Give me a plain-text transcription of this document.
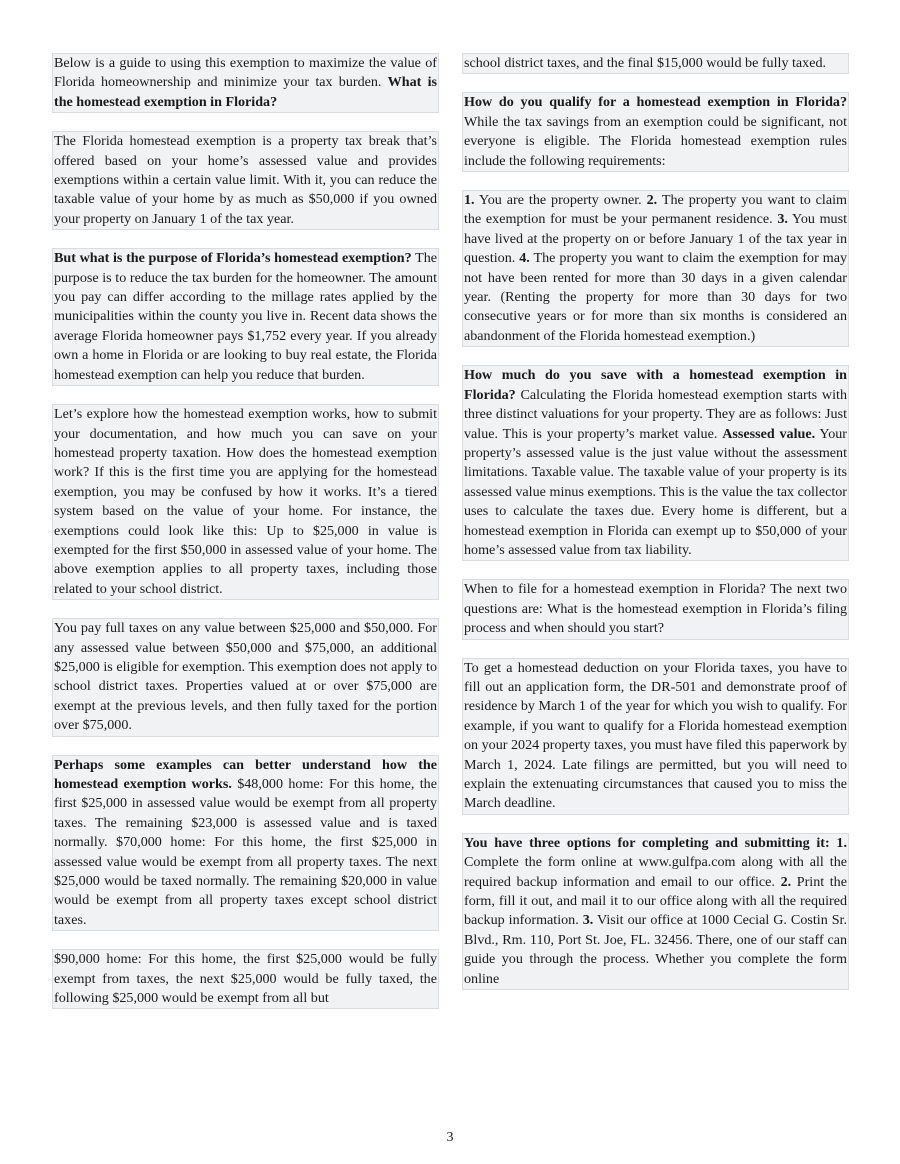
Below is a guide to using this exemption to maximize the value of Florida homeownership and minimize your tax burden. What is the homestead exemption in Florida?
The Florida homestead exemption is a property tax break that’s offered based on your home’s assessed value and provides exemptions within a certain value limit. With it, you can reduce the taxable value of your home by as much as $50,000 if you owned your property on January 1 of the tax year.
But what is the purpose of Florida’s homestead exemption? The purpose is to reduce the tax burden for the homeowner. The amount you pay can differ according to the millage rates applied by the municipalities within the county you live in. Recent data shows the average Florida homeowner pays $1,752 every year. If you already own a home in Florida or are looking to buy real estate, the Florida homestead exemption can help you reduce that burden.
Let’s explore how the homestead exemption works, how to submit your documentation, and how much you can save on your homestead property taxation. How does the homestead exemption work? If this is the first time you are applying for the homestead exemption, you may be confused by how it works. It’s a tiered system based on the value of your home. For instance, the exemptions could look like this: Up to $25,000 in value is exempted for the first $50,000 in assessed value of your home. The above exemption applies to all property taxes, including those related to your school district.
You pay full taxes on any value between $25,000 and $50,000. For any assessed value between $50,000 and $75,000, an additional $25,000 is eligible for exemption. This exemption does not apply to school district taxes. Properties valued at or over $75,000 are exempt at the previous levels, and then fully taxed for the portion over $75,000.
Perhaps some examples can better understand how the homestead exemption works. $48,000 home: For this home, the first $25,000 in assessed value would be exempt from all property taxes. The remaining $23,000 is assessed value and is taxed normally. $70,000 home: For this home, the first $25,000 in assessed value would be exempt from all property taxes. The next $25,000 would be taxed normally. The remaining $20,000 in value would be exempt from all property taxes except school district taxes.
$90,000 home: For this home, the first $25,000 would be fully exempt from taxes, the next $25,000 would be fully taxed, the following $25,000 would be exempt from all but
school district taxes, and the final $15,000 would be fully taxed.
How do you qualify for a homestead exemption in Florida? While the tax savings from an exemption could be significant, not everyone is eligible. The Florida homestead exemption rules include the following requirements:
1. You are the property owner. 2. The property you want to claim the exemption for must be your permanent residence. 3. You must have lived at the property on or before January 1 of the tax year in question. 4. The property you want to claim the exemption for may not have been rented for more than 30 days in a given calendar year. (Renting the property for more than 30 days for two consecutive years or for more than six months is considered an abandonment of the Florida homestead exemption.)
How much do you save with a homestead exemption in Florida? Calculating the Florida homestead exemption starts with three distinct valuations for your property. They are as follows: Just value. This is your property’s market value. Assessed value. Your property’s assessed value is the just value without the assessment limitations. Taxable value. The taxable value of your property is its assessed value minus exemptions. This is the value the tax collector uses to calculate the taxes due. Every home is different, but a homestead exemption in Florida can exempt up to $50,000 of your home’s assessed value from tax liability.
When to file for a homestead exemption in Florida? The next two questions are: What is the homestead exemption in Florida’s filing process and when should you start?
To get a homestead deduction on your Florida taxes, you have to fill out an application form, the DR-501 and demonstrate proof of residence by March 1 of the year for which you wish to qualify. For example, if you want to qualify for a Florida homestead exemption on your 2024 property taxes, you must have filed this paperwork by March 1, 2024. Late filings are permitted, but you will need to explain the extenuating circumstances that caused you to miss the March deadline.
You have three options for completing and submitting it: 1. Complete the form online at www.gulfpa.com along with all the required backup information and email to our office. 2. Print the form, fill it out, and mail it to our office along with all the required backup information. 3. Visit our office at 1000 Cecial G. Costin Sr. Blvd., Rm. 110, Port St. Joe, FL. 32456. There, one of our staff can guide you through the process. Whether you complete the form online
3
